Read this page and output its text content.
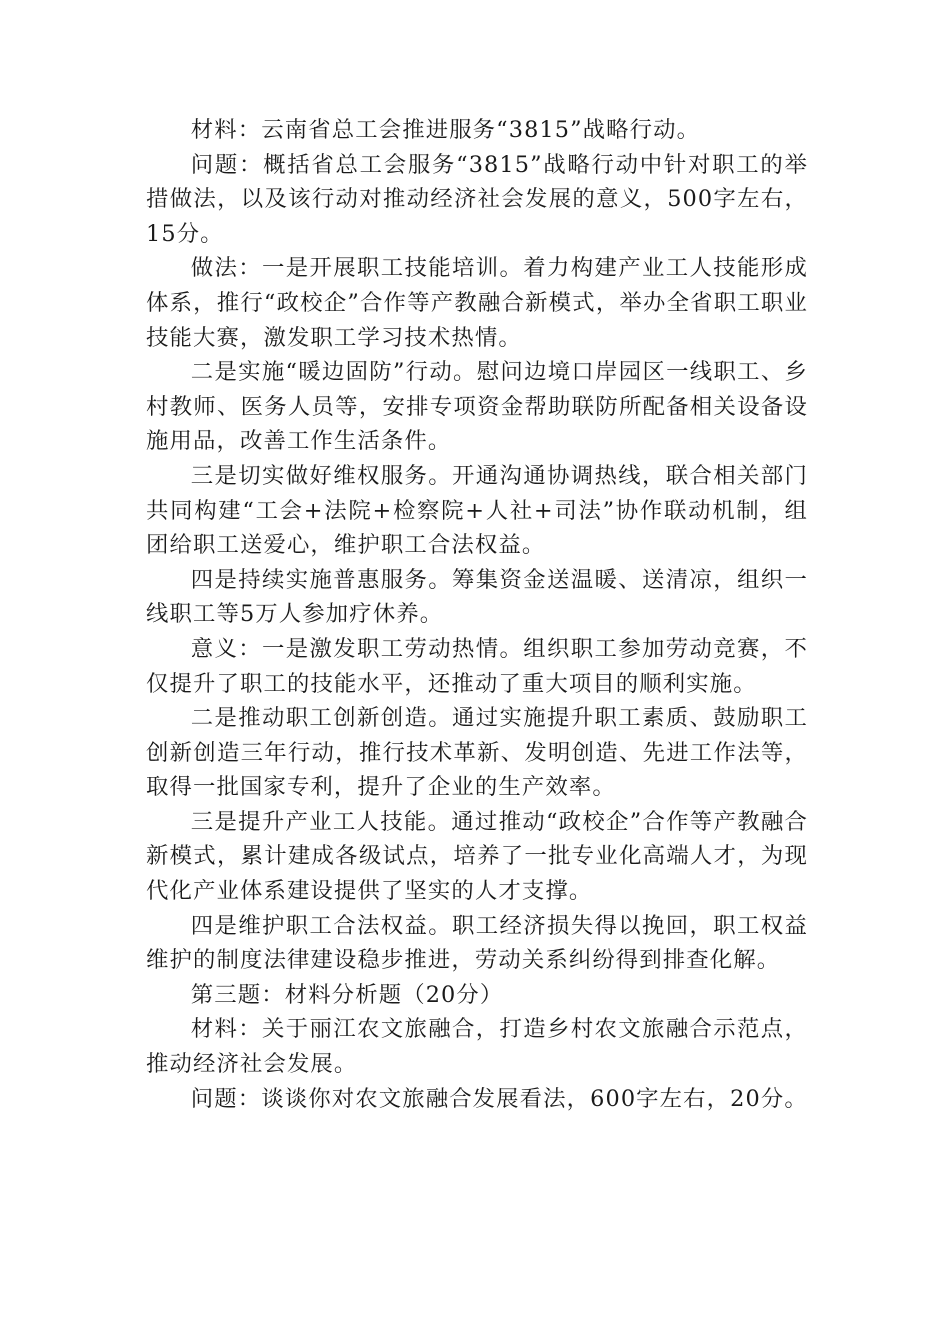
材料：云南省总工会推进服务“3815”战略行动。

问题：概括省总工会服务“3815”战略行动中针对职工的举措做法，以及该行动对推动经济社会发展的意义，500字左右，15分。

做法：一是开展职工技能培训。着力构建产业工人技能形成体系，推行“政校企”合作等产教融合新模式，举办全省职工职业技能大赛，激发职工学习技术热情。

二是实施“暖边固防”行动。慰问边境口岸园区一线职工、乡村教师、医务人员等，安排专项资金帮助联防所配备相关设备设施用品，改善工作生活条件。

三是切实做好维权服务。开通沟通协调热线，联合相关部门共同构建“工会+法院+检察院+人社+司法”协作联动机制，组团给职工送爱心，维护职工合法权益。

四是持续实施普惠服务。筹集资金送温暖、送清凉，组织一线职工等5万人参加疗休养。

意义：一是激发职工劳动热情。组织职工参加劳动竞赛，不仅提升了职工的技能水平，还推动了重大项目的顺利实施。

二是推动职工创新创造。通过实施提升职工素质、鼓励职工创新创造三年行动，推行技术革新、发明创造、先进工作法等，取得一批国家专利，提升了企业的生产效率。

三是提升产业工人技能。通过推动“政校企”合作等产教融合新模式，累计建成各级试点，培养了一批专业化高端人才，为现代化产业体系建设提供了坚实的人才支撑。

四是维护职工合法权益。职工经济损失得以挽回，职工权益维护的制度法律建设稳步推进，劳动关系纠纷得到排查化解。

第三题：材料分析题（20分）

材料：关于丽江农文旅融合，打造乡村农文旅融合示范点，推动经济社会发展。

问题：谈谈你对农文旅融合发展看法，600字左右，20分。
